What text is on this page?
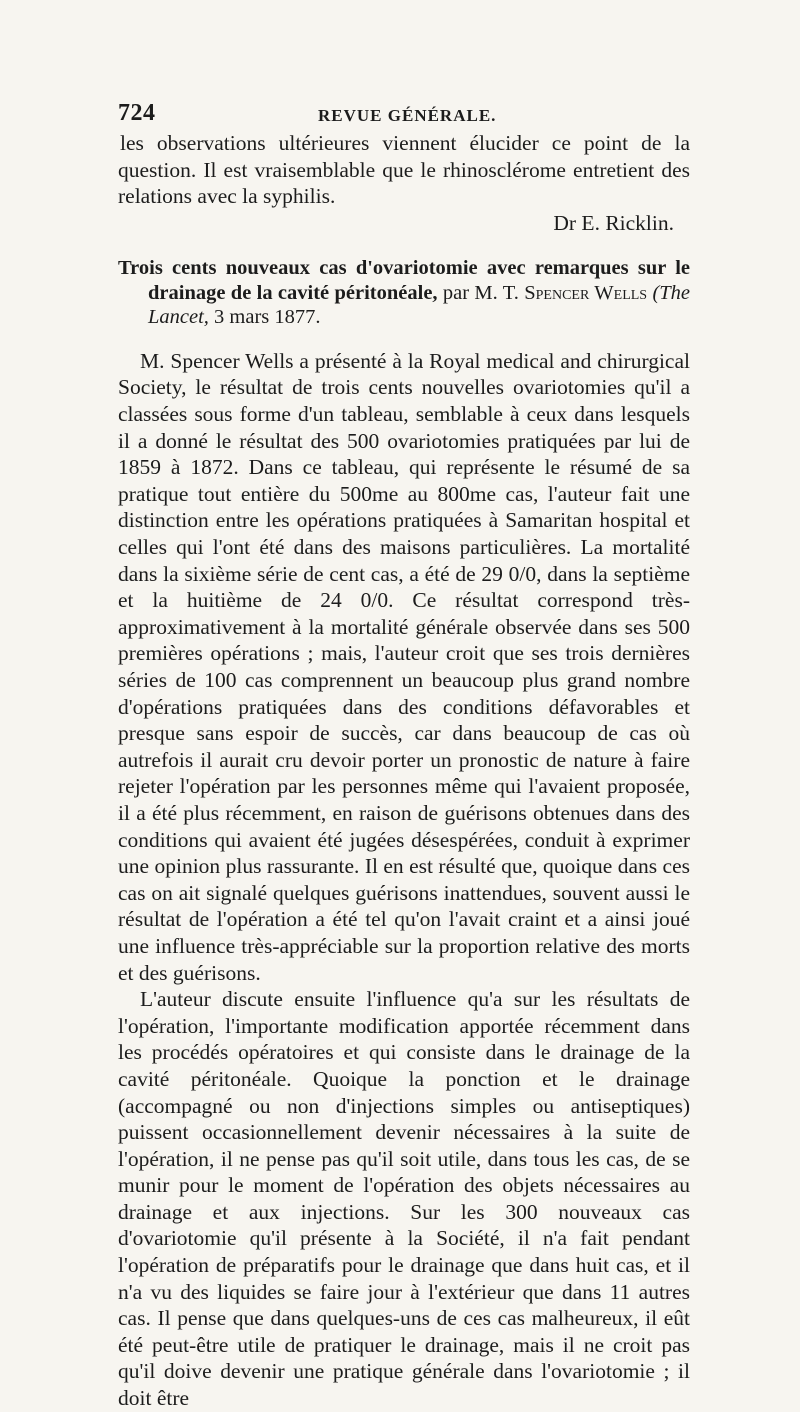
724	REVUE GÉNÉRALE.

les observations ultérieures viennent élucider ce point de la question. Il est vraisemblable que le rhinosclérome entretient des relations avec la syphilis.

Dr E. Ricklin.

Trois cents nouveaux cas d'ovariotomie avec remarques sur le drainage de la cavité péritonéale, par M. T. Spencer Wells (The Lancet, 3 mars 1877.

M. Spencer Wells a présenté à la Royal medical and chirurgical Society, le résultat de trois cents nouvelles ovariotomies qu'il a classées sous forme d'un tableau, semblable à ceux dans lesquels il a donné le résultat des 500 ovariotomies pratiquées par lui de 1859 à 1872. Dans ce tableau, qui représente le résumé de sa pratique tout entière du 500me au 800me cas, l'auteur fait une distinction entre les opérations pratiquées à Samaritan hospital et celles qui l'ont été dans des maisons particulières. La mortalité dans la sixième série de cent cas, a été de 29 0/0, dans la septième et la huitième de 24 0/0. Ce résultat correspond très-approximativement à la mortalité générale observée dans ses 500 premières opérations ; mais, l'auteur croit que ses trois dernières séries de 100 cas comprennent un beaucoup plus grand nombre d'opérations pratiquées dans des conditions défavorables et presque sans espoir de succès, car dans beaucoup de cas où autrefois il aurait cru devoir porter un pronostic de nature à faire rejeter l'opération par les personnes même qui l'avaient proposée, il a été plus récemment, en raison de guérisons obtenues dans des conditions qui avaient été jugées désespérées, conduit à exprimer une opinion plus rassurante. Il en est résulté que, quoique dans ces cas on ait signalé quelques guérisons inattendues, souvent aussi le résultat de l'opération a été tel qu'on l'avait craint et a ainsi joué une influence très-appréciable sur la proportion relative des morts et des guérisons.

L'auteur discute ensuite l'influence qu'a sur les résultats de l'opération, l'importante modification apportée récemment dans les procédés opératoires et qui consiste dans le drainage de la cavité péritonéale. Quoique la ponction et le drainage (accompagné ou non d'injections simples ou antiseptiques) puissent occasionnellement devenir nécessaires à la suite de l'opération, il ne pense pas qu'il soit utile, dans tous les cas, de se munir pour le moment de l'opération des objets nécessaires au drainage et aux injections. Sur les 300 nouveaux cas d'ovariotomie qu'il présente à la Société, il n'a fait pendant l'opération de préparatifs pour le drainage que dans huit cas, et il n'a vu des liquides se faire jour à l'extérieur que dans 11 autres cas. Il pense que dans quelques-uns de ces cas malheureux, il eût été peut-être utile de pratiquer le drainage, mais il ne croit pas qu'il doive devenir une pratique générale dans l'ovariotomie ; il doit être
